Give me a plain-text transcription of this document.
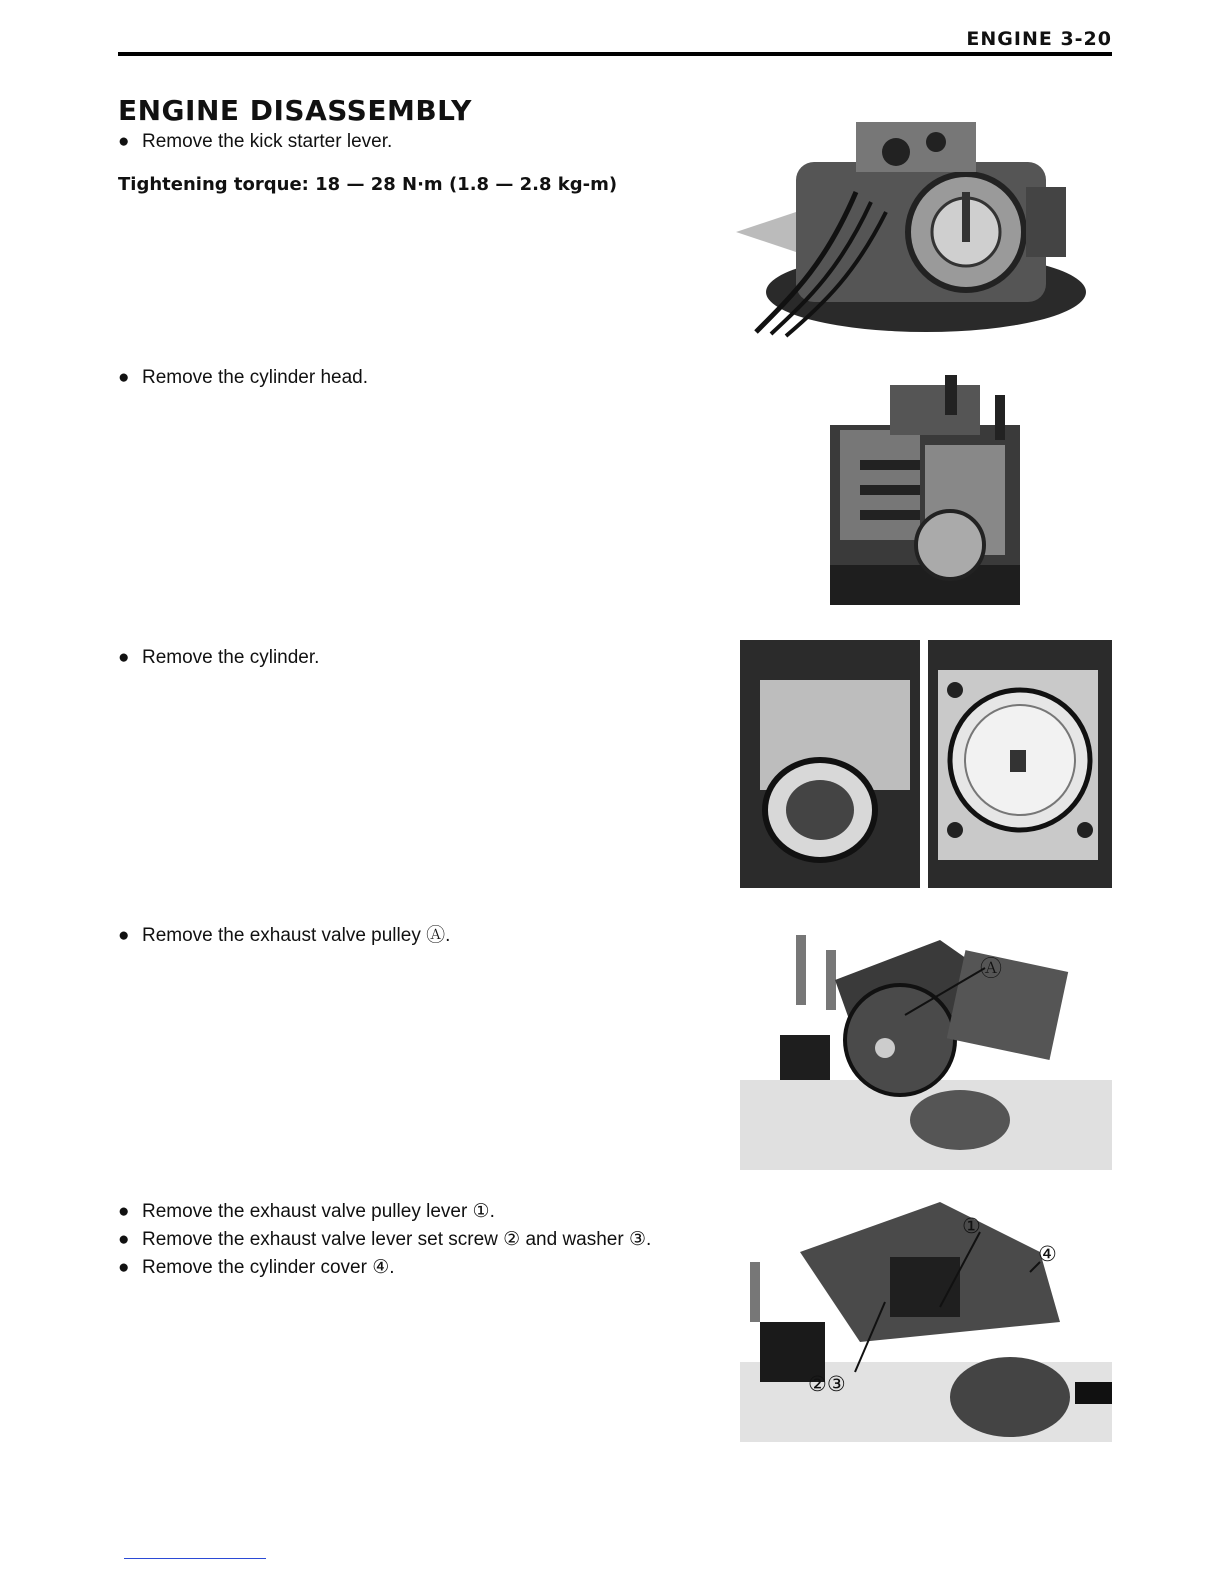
ENGINE 3-20
ENGINE DISASSEMBLY

● Remove the kick starter lever.

Tightening torque: 18 — 28 N·m (1.8 — 2.8 kg-m)

● Remove the cylinder head.

● Remove the cylinder.

● Remove the exhaust valve pulley Ⓐ.

● Remove the exhaust valve pulley lever ①.

● Remove the exhaust valve lever set screw ② and washer ③.

● Remove the cylinder cover ④.

Ⓐ
①
④
②③
